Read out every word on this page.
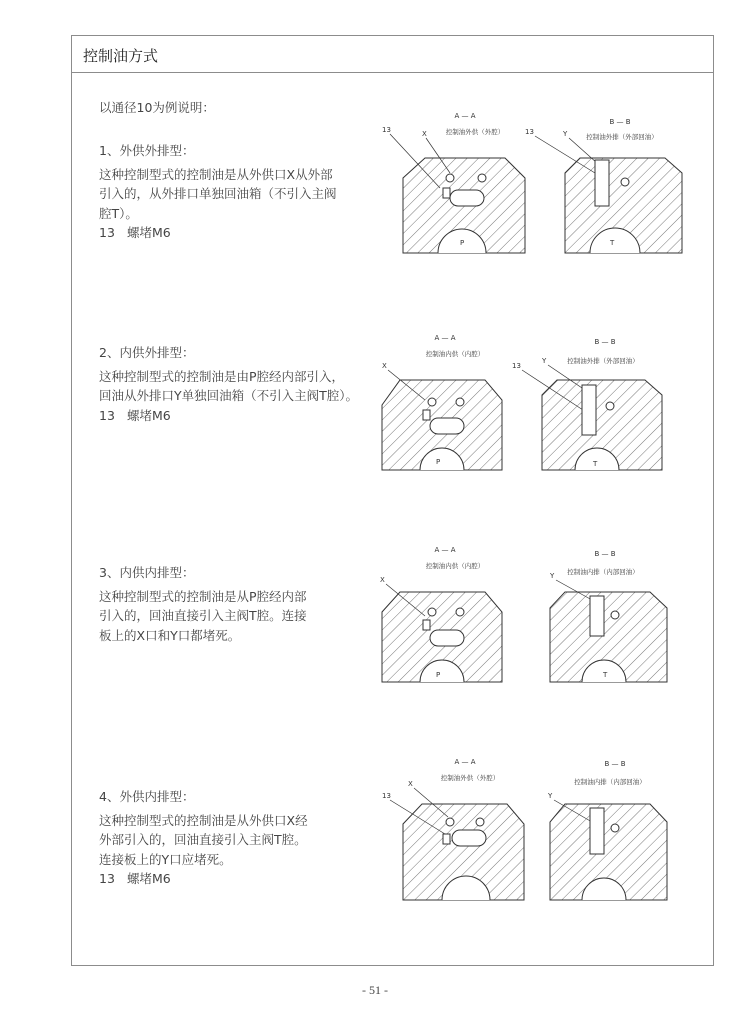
控制油方式
以通径10为例说明：
1、外供外排型：
这种控制型式的控制油是从外供口X从外部
引入的，从外排口单独回油箱（不引入主阀
腔T）。
13 螺堵M6
2、内供外排型：
这种控制型式的控制油是由P腔经内部引入，
回油从外排口Y单独回油箱（不引入主阀T腔）。
13 螺堵M6
3、内供内排型：
这种控制型式的控制油是从P腔经内部
引入的，回油直接引入主阀T腔。连接
板上的X口和Y口都堵死。
4、外供内排型：
这种控制型式的控制油是从外供口X经
外部引入的，回油直接引入主阀T腔。
连接板上的Y口应堵死。
13 螺堵M6
A — A
控制油外供（外腔）
13	X
P
B — B
控制油外排（外部回油）
13	Y
T
A — A
控制油内供（内腔）
X
P
B — B
控制油外排（外部回油）
13
Y
T
A — A
控制油内供（内腔）
X
P
B — B
控制油内排（内部回油）
Y
T
A — A
控制油外供（外腔）
13
X
B — B
控制油内排（内部回油）
Y
- 51 -
